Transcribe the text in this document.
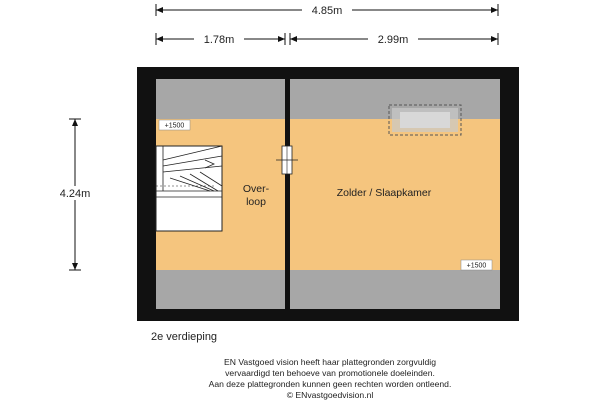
4.85m
1.78m	2.99m
4.24m	Over-
loop
Zolder / Slaapkamer
+1500
+1500
2e verdieping
EN Vastgoed vision heeft haar plattegronden zorgvuldig
vervaardigd ten behoeve van promotionele doeleinden.
Aan deze plattegronden kunnen geen rechten worden ontleend.
© ENvastgoedvision.nl
